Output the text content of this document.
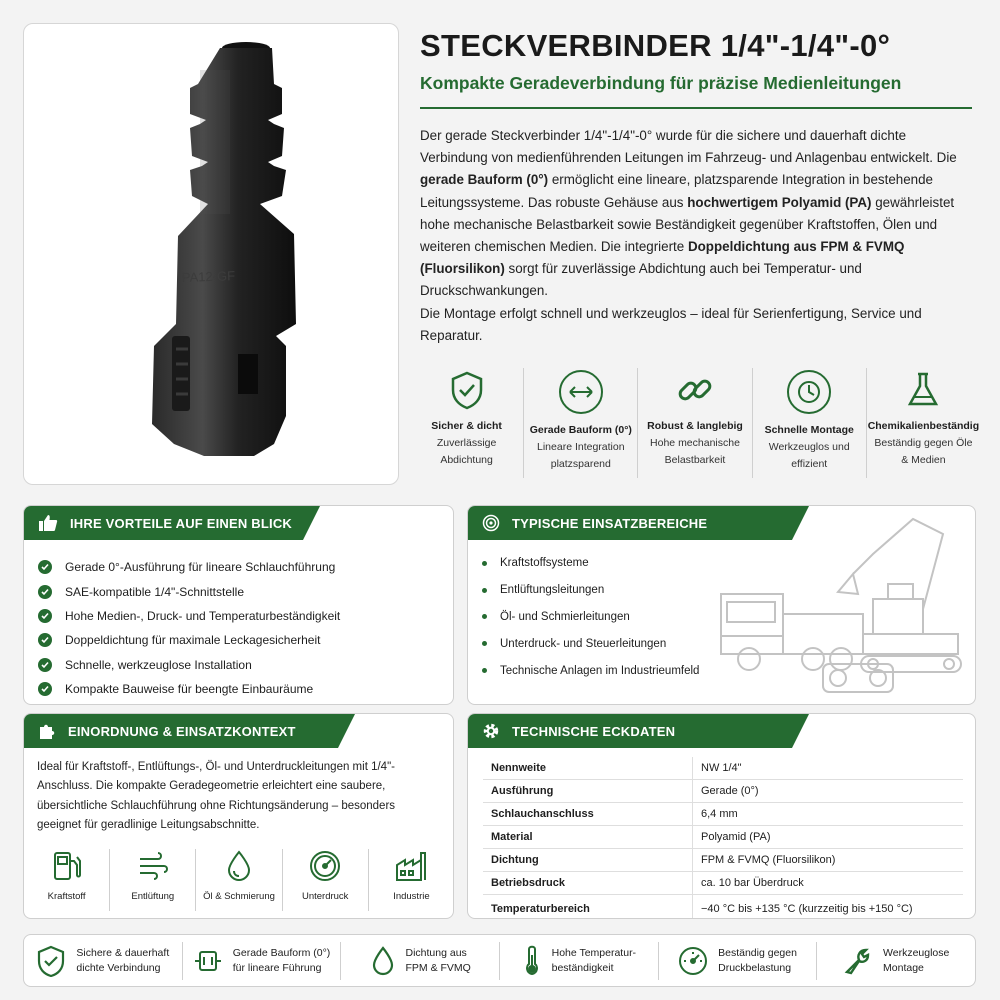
PA12-GF
STECKVERBINDER 1/4"-1/4"-0°
Kompakte Geradeverbindung für präzise Medienleitungen

Der gerade Steckverbinder 1/4"-1/4"-0° wurde für die sichere und dauerhaft dichte Verbindung von medienführenden Leitungen im Fahrzeug- und Anlagenbau entwickelt. Die gerade Bauform (0°) ermöglicht eine lineare, platzsparende Integration in bestehende Leitungssysteme. Das robuste Gehäuse aus hochwertigem Polyamid (PA) gewährleistet hohe mechanische Belastbarkeit sowie Beständigkeit gegenüber Kraftstoffen, Ölen und weiteren chemischen Medien. Die integrierte Doppeldichtung aus FPM & FVMQ (Fluorsilikon) sorgt für zuverlässige Abdichtung auch bei Temperatur- und Druckschwankungen.

Die Montage erfolgt schnell und werkzeuglos – ideal für Serienfertigung, Service und Reparatur.

Sicher & dicht
Zuverlässige Abdichtung
Gerade Bauform (0°)
Lineare Integration platzsparend
Robust & langlebig
Hohe mechanische Belastbarkeit
Schnelle Montage
Werkzeuglos und effizient
Chemikalienbeständig
Beständig gegen Öle & Medien
IHRE VORTEILE AUF EINEN BLICK
Gerade 0°-Ausführung für lineare Schlauchführung
SAE-kompatible 1/4"-Schnittstelle
Hohe Medien-, Druck- und Temperaturbeständigkeit
Doppeldichtung für maximale Leckagesicherheit
Schnelle, werkzeuglose Installation
Kompakte Bauweise für beengte Einbauräume
TYPISCHE EINSATZBEREICHE
Kraftstoffsysteme
Entlüftungsleitungen
Öl- und Schmierleitungen
Unterdruck- und Steuerleitungen
Technische Anlagen im Industrieumfeld
EINORDNUNG & EINSATZKONTEXT
Ideal für Kraftstoff-, Entlüftungs-, Öl- und Unterdruckleitungen mit 1/4"-Anschluss. Die kompakte Geradegeometrie erleichtert eine saubere, übersichtliche Schlauchführung ohne Richtungsänderung – besonders geeignet für geradlinige Leitungsabschnitte.
Kraftstoff	Entlüftung	Öl & Schmierung	Unterdruck	Industrie
TECHNISCHE ECKDATEN
Nennweite	NW 1/4"
Ausführung	Gerade (0°)
Schlauchanschluss	6,4 mm
Material	Polyamid (PA)
Dichtung	FPM & FVMQ (Fluorsilikon)
Betriebsdruck	ca. 10 bar Überdruck
Temperaturbereich	−40 °C bis +135 °C (kurzzeitig bis +150 °C)
Sichere & dauerhaft
dichte Verbindung
Gerade Bauform (0°)
für lineare Führung
Dichtung aus
FPM & FVMQ
Hohe Temperatur-
beständigkeit
Beständig gegen
Druckbelastung
Werkzeuglose
Montage
